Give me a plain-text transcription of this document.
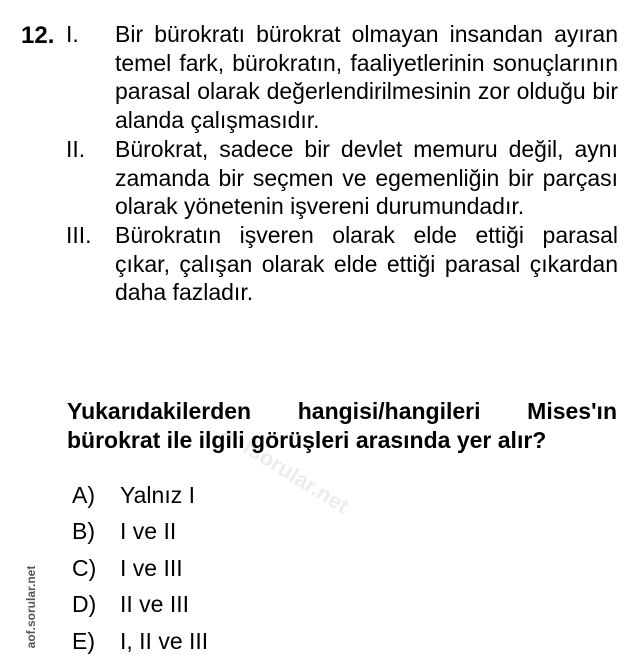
12. I.	Bir bürokratı bürokrat olmayan insandan ayıran temel fark, bürokratın, faaliyetlerinin sonuçlarının parasal olarak değerlendirilmesinin zor olduğu bir alanda çalışmasıdır.

II.	Bürokrat, sadece bir devlet memuru değil, aynı zamanda bir seçmen ve egemenliğin bir parçası olarak yönetenin işvereni durumundadır.

III.	Bürokratın işveren olarak elde ettiği parasal çıkar, çalışan olarak elde ettiği parasal çıkardan daha fazladır.

Yukarıdakilerden hangisi/hangileri Mises'ın bürokrat ile ilgili görüşleri arasında yer alır?

aofsorular.net
A)	Yalnız I
B)	I ve II
C)	I ve III
D)	II ve III
E)	I, II ve III
aof.sorular.net
